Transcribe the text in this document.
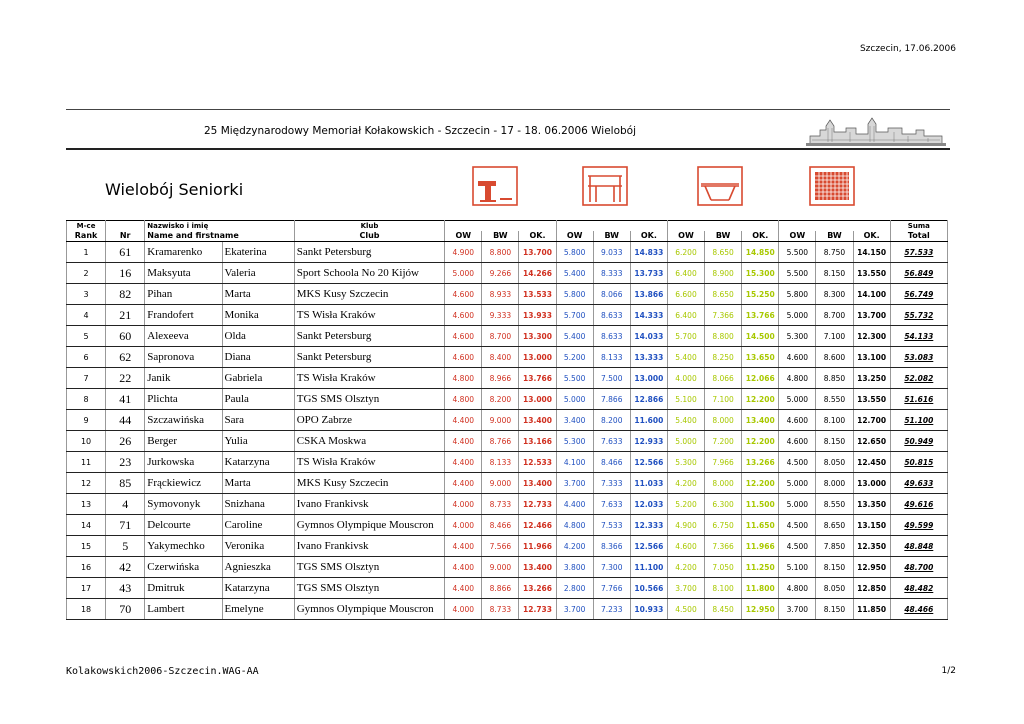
Szczecin, 17.06.2006
25 Międzynarodowy Memoriał Kołakowskich - Szczecin - 17 - 18. 06.2006 Wielobój
Wielobój Seniorki
M-ce		Nazwisko i imię		Klub													Suma
Rank	Nr	Name and firstname		Club	OW	BW	OK.	OW	BW	OK.	OW	BW	OK.	OW	BW	OK.	Total
1	61	Kramarenko	Ekaterina	Sankt Petersburg	4.900	8.800	13.700	5.800	9.033	14.833	6.200	8.650	14.850	5.500	8.750	14.150	57.533
2	16	Maksyuta	Valeria	Sport Schoola No 20 Kijów	5.000	9.266	14.266	5.400	8.333	13.733	6.400	8.900	15.300	5.500	8.150	13.550	56.849
3	82	Pihan	Marta	MKS Kusy Szczecin	4.600	8.933	13.533	5.800	8.066	13.866	6.600	8.650	15.250	5.800	8.300	14.100	56.749
4	21	Frandofert	Monika	TS Wisła Kraków	4.600	9.333	13.933	5.700	8.633	14.333	6.400	7.366	13.766	5.000	8.700	13.700	55.732
5	60	Alexeeva	Olda	Sankt Petersburg	4.600	8.700	13.300	5.400	8.633	14.033	5.700	8.800	14.500	5.300	7.100	12.300	54.133
6	62	Sapronova	Diana	Sankt Petersburg	4.600	8.400	13.000	5.200	8.133	13.333	5.400	8.250	13.650	4.600	8.600	13.100	53.083
7	22	Janik	Gabriela	TS Wisła Kraków	4.800	8.966	13.766	5.500	7.500	13.000	4.000	8.066	12.066	4.800	8.850	13.250	52.082
8	41	Plichta	Paula	TGS SMS Olsztyn	4.800	8.200	13.000	5.000	7.866	12.866	5.100	7.100	12.200	5.000	8.550	13.550	51.616
9	44	Szczawińska	Sara	OPO Zabrze	4.400	9.000	13.400	3.400	8.200	11.600	5.400	8.000	13.400	4.600	8.100	12.700	51.100
10	26	Berger	Yulia	CSKA Moskwa	4.400	8.766	13.166	5.300	7.633	12.933	5.000	7.200	12.200	4.600	8.150	12.650	50.949
11	23	Jurkowska	Katarzyna	TS Wisła Kraków	4.400	8.133	12.533	4.100	8.466	12.566	5.300	7.966	13.266	4.500	8.050	12.450	50.815
12	85	Frąckiewicz	Marta	MKS Kusy Szczecin	4.400	9.000	13.400	3.700	7.333	11.033	4.200	8.000	12.200	5.000	8.000	13.000	49.633
13	4	Symovonyk	Snizhana	Ivano Frankivsk	4.000	8.733	12.733	4.400	7.633	12.033	5.200	6.300	11.500	5.000	8.550	13.350	49.616
14	71	Delcourte	Caroline	Gymnos Olympique Mouscron	4.000	8.466	12.466	4.800	7.533	12.333	4.900	6.750	11.650	4.500	8.650	13.150	49.599
15	5	Yakymechko	Veronika	Ivano Frankivsk	4.400	7.566	11.966	4.200	8.366	12.566	4.600	7.366	11.966	4.500	7.850	12.350	48.848
16	42	Czerwińska	Agnieszka	TGS SMS Olsztyn	4.400	9.000	13.400	3.800	7.300	11.100	4.200	7.050	11.250	5.100	8.150	12.950	48.700
17	43	Dmitruk	Katarzyna	TGS SMS Olsztyn	4.400	8.866	13.266	2.800	7.766	10.566	3.700	8.100	11.800	4.800	8.050	12.850	48.482
18	70	Lambert	Emelyne	Gymnos Olympique Mouscron	4.000	8.733	12.733	3.700	7.233	10.933	4.500	8.450	12.950	3.700	8.150	11.850	48.466
Kolakowskich2006-Szczecin.WAG-AA	1/2
